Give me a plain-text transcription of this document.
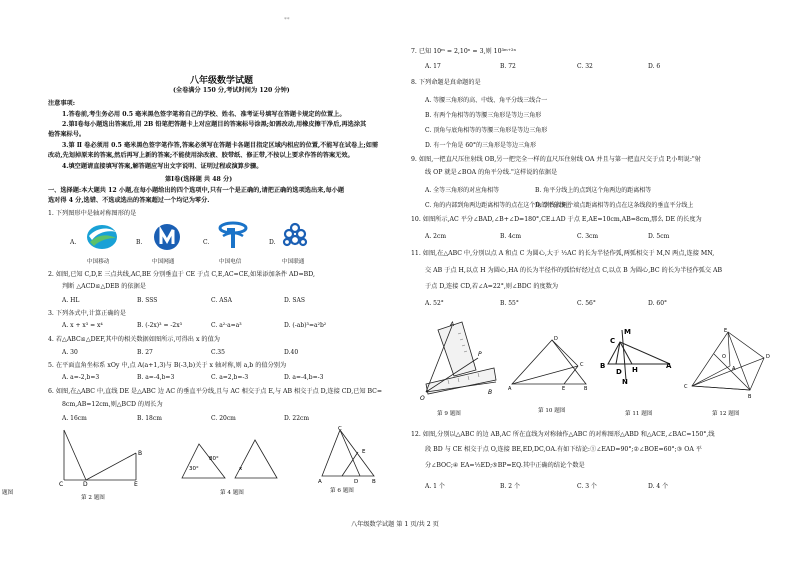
**
八年级数学试题
(全卷满分 150 分,考试时间为 120 分钟)
注意事项:
1.答卷前,考生务必用 0.5 毫米黑色签字笔将自己的学校、姓名、准考证号填写在答题卡规定的位置上。
2.第Ⅰ卷每小题选出答案后,用 2B 铅笔把答题卡上对应题目的答案标号涂黑;如需改动,用橡皮擦干净后,再选涂其
他答案标号。
3.第 Ⅱ 卷必须用 0.5 毫米黑色签字笔作答,答案必须写在答题卡各题目指定区域内相应的位置,不能写在试卷上;如需
改动,先划掉原来的答案,然后再写上新的答案;不能使用涂改液、胶带纸、修正带,不按以上要求作答的答案无效。
4.填空题请直接填写答案,解答题应写出文字说明、证明过程或演算步骤。
第Ⅰ卷(选择题 共 48 分)
一、选择题:本大题共 12 小题,在每小题给出的四个选项中,只有一个是正确的,请把正确的选项选出来,每小题
选对得 4 分,选错、不选或选出的答案超过一个均记为零分.
1. 下列图形中是轴对称图形的是
A.
中国移动
B.
中国网通
C.
中国电信
D.
中国联通
2. 如图,已知 C,D,E 三点共线,AC,BE 分别垂直于 CE 于点 C,E,AC=CE,如果添加条件 AD=BD,
判断 △ACD≌△DEB 的依据是
A. HL	B. SSS	C. ASA	D. SAS
3. 下列各式中,计算正确的是
A. x + x³ = x⁴	B. (-2x)³ = -2x³	C. a²·a=a³	D. (-ab)³=a²b²
4. 若△ABC≌△DEF,其中的相关数据如图所示,可得出 x 的值为
A. 30	B. 27	C.35	D.40
5. 在平面直角坐标系 xOy 中,点 A(a+1,3)与 B(-3,b)关于 x 轴对称,则 a,b 的值分别为
A. a=-2,b=3	B. a=-4,b=3	C. a=2,b=-3	D. a=-4,b=-3
6. 如图,在△ABC 中,直线 DE 是△ABC 边 AC 的垂直平分线,且与 AC 相交于点 E,与 AB 相交于点 D,连接 CD,已知 BC=
8cm,AB=12cm,则△BCD 的周长为
A. 16cm	B. 18cm	C. 20cm	D. 22cm
C	D	E
B
第 2 题图
30°
80°
x
第 4 题图
C
E
A	D	B
第 6 题图
题图
7. 已知 10ᵐ = 2,10ⁿ = 3,则 10³ᵐ⁺²ⁿ
A. 17	B. 72	C. 32	D. 6
8. 下列命题是真命题的是
A. 等腰三角形的高、中线、角平分线三线合一
B. 有两个角相等的等腰三角形是等边三角形
C. 顶角与底角相等的等腰三角形是等边三角形
D. 有一个角是 60°的三角形是等边三角形
9. 如图,一把直尺压住射线 OB,另一把完全一样的直尺压住射线 OA 并且与第一把直尺交于点 P,小明说:"射
线 OP 就是∠BOA 的角平分线."这样说的依据是
A. 全等三角形的对应角相等	B. 角平分线上的点到这个角两边的距离相等
C. 角的内部到角两边距离相等的点在这个角的平分线上
D. 到线段两个端点距离相等的点在这条线段的垂直平分线上
10. 如图所示,AC 平分∠BAD,∠B+∠D=180°,CE⊥AD 于点 E,AE=10cm,AB=8cm,那么 DE 的长度为
A. 2cm	B. 4cm	C. 3cm	D. 5cm
11. 如图,在△ABC 中,分别以点 A 和点 C 为圆心,大于 ½AC 的长为半径作弧,两弧相交于 M,N 两点,连接 MN,
交 AB 于点 H,以点 H 为圆心,HA 的长为半径作的弧恰好经过点 C,以点 B 为圆心,BC 的长为半径作弧交 AB
于点 D,连接 CD,若∠A=22°,则∠BDC 的度数为
A. 52°	B. 55°	C. 56°	D. 60°
A
P
B
O
第 9 题图
A
D
C
E	B
第 10 题图
M
C
B
D H
N
A
第 11 题图
E
C
D
B
A
O
第 12 题图
12. 如图,分别以△ABC 的边 AB,AC 所在直线为对称轴作△ABC 的对称图形△ABD 和△ACE,∠BAC=150°,线
段 BD 与 CE 相交于点 O,连接 BE,ED,DC,OA.有如下结论:①∠EAD=90°;②∠BOE=60°;③ OA 平
分∠BOC;④ EA=½ED;⑤BP=EQ.其中正确的结论个数是
A. 1 个	B. 2 个	C. 3 个	D. 4 个
八年级数学试题 第 1 页/共 2 页
